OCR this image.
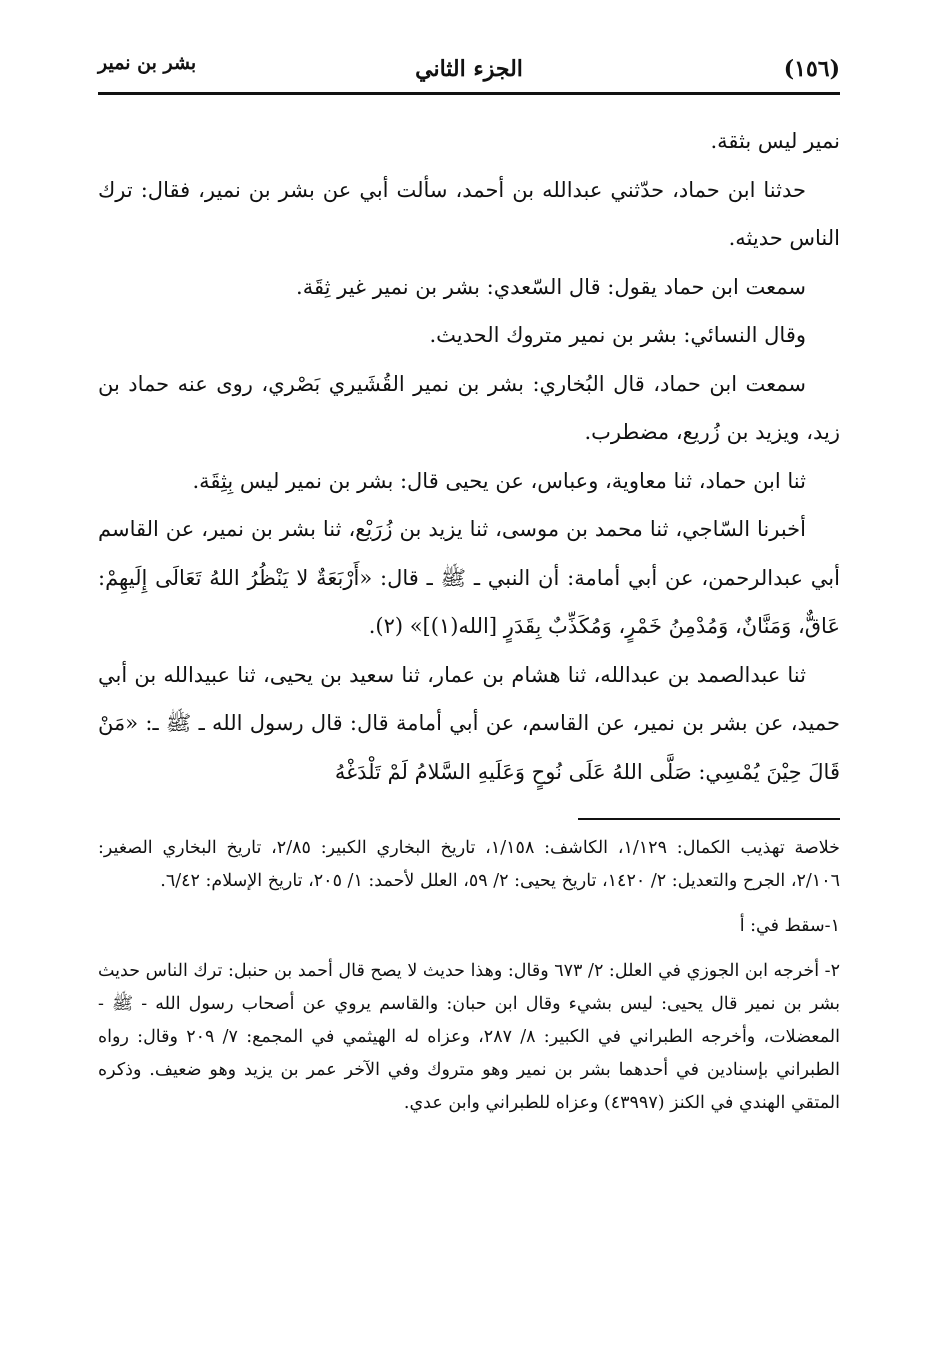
(١٥٦)
الجزء الثاني
بشر بن نمير

نمير ليس بثقة.

حدثنا ابن حماد، حدّثني عبدالله بن أحمد، سألت أبي عن بشر بن نمير، فقال: ترك الناس حديثه.

سمعت ابن حماد يقول: قال السّعدي: بشر بن نمير غير ثِقَة.

وقال النسائي: بشر بن نمير متروك الحديث.

سمعت ابن حماد، قال البُخاري: بشر بن نمير القُشَيري بَصْري، روى عنه حماد بن زيد، ويزيد بن زُريع، مضطرب.

ثنا ابن حماد، ثنا معاوية، وعباس، عن يحيى قال: بشر بن نمير ليس بِثِقَة.

أخبرنا السّاجي، ثنا محمد بن موسى، ثنا يزيد بن زُرَيْع، ثنا بشر بن نمير، عن القاسم أبي عبدالرحمن، عن أبي أمامة: أن النبي ـ ﷺ ـ قال: «أَرْبَعَةٌ لا يَنْظُرُ اللهُ تَعَالَى إِلَيهِمْ: عَاقٌّ، وَمَنَّانٌ، وَمُدْمِنُ خَمْرٍ، وَمُكَذِّبٌ بِقَدَرٍ [الله(١)]» (٢).

ثنا عبدالصمد بن عبدالله، ثنا هشام بن عمار، ثنا سعيد بن يحيى، ثنا عبيدالله بن أبي حميد، عن بشر بن نمير، عن القاسم، عن أبي أمامة قال: قال رسول الله ـ ﷺ ـ: «مَنْ قَالَ حِيْنَ يُمْسِي: صَلَّى اللهُ عَلَى نُوحٍ وَعَلَيهِ السَّلامُ لَمْ تَلْدَغْهُ

خلاصة تهذيب الكمال: ١/١٢٩، الكاشف: ١/١٥٨، تاريخ البخاري الكبير: ٢/٨٥، تاريخ البخاري الصغير: ٢/١٠٦، الجرح والتعديل: ٢/ ١٤٢٠، تاريخ يحيى: ٢/ ٥٩، العلل لأحمد: ١/ ٢٠٥، تاريخ الإسلام: ٦/٤٢.

١-سقط في: أ

٢- أخرجه ابن الجوزي في العلل: ٢/ ٦٧٣ وقال: وهذا حديث لا يصح قال أحمد بن حنبل: ترك الناس حديث بشر بن نمير قال يحيى: ليس بشيء وقال ابن حبان: والقاسم يروي عن أصحاب رسول الله - ﷺ - المعضلات، وأخرجه الطبراني في الكبير: ٨/ ٢٨٧، وعزاه له الهيثمي في المجمع: ٧/ ٢٠٩ وقال: رواه الطبراني بإسنادين في أحدهما بشر بن نمير وهو متروك وفي الآخر عمر بن يزيد وهو ضعيف. وذكره المتقي الهندي في الكنز (٤٣٩٩٧) وعزاه للطبراني وابن عدي.
